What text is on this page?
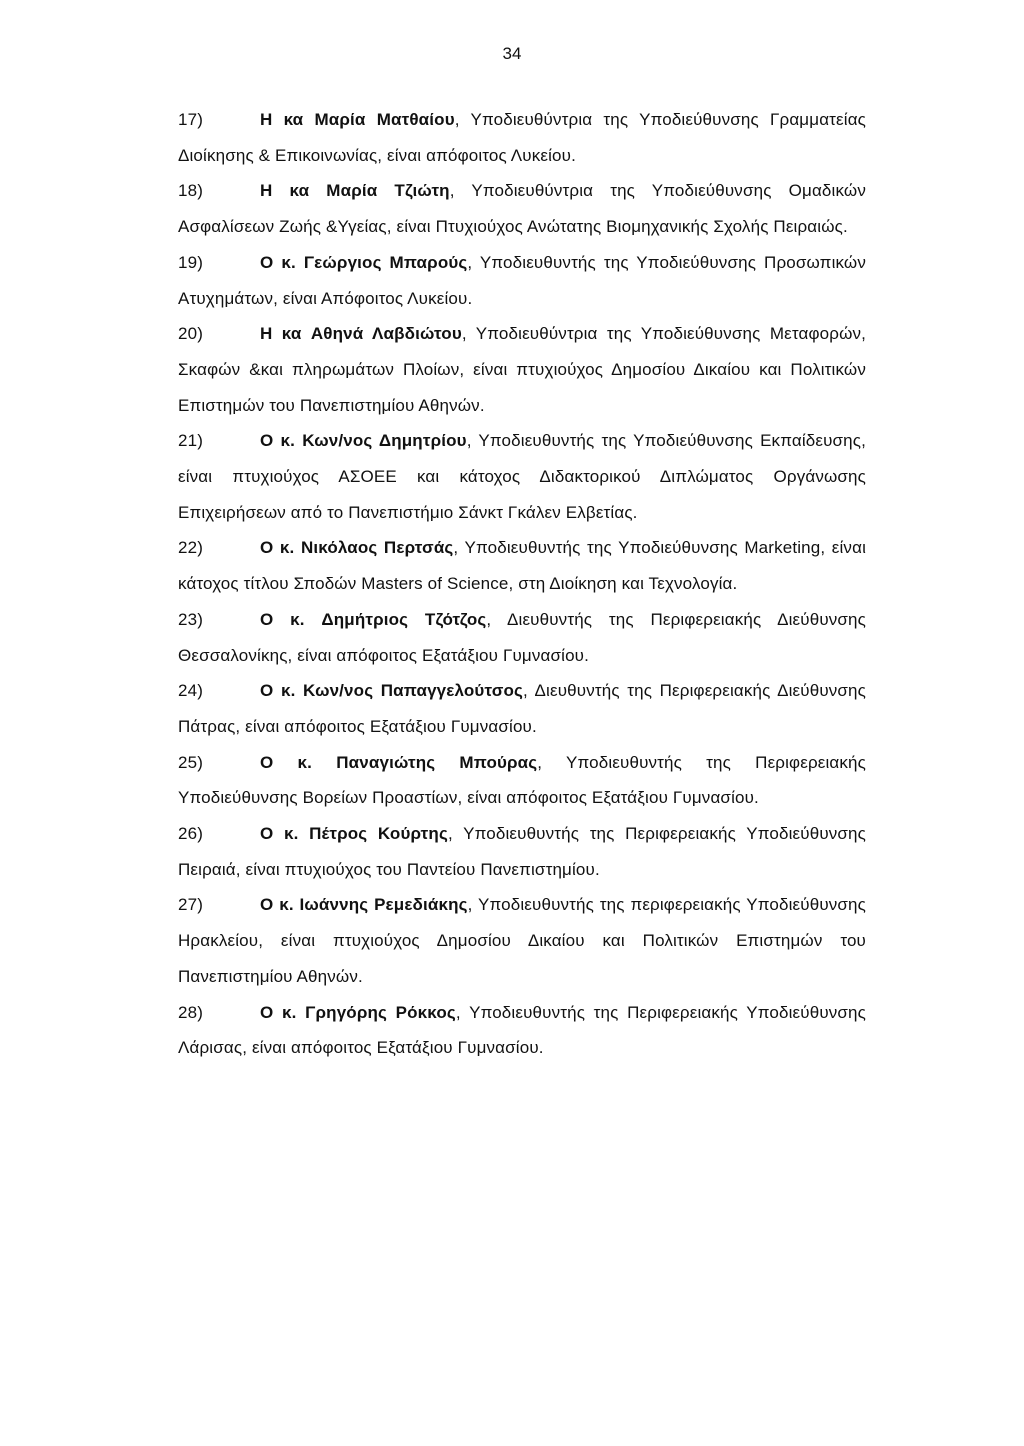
34

17)	Η κα Μαρία Ματθαίου, Υποδιευθύντρια της Υποδιεύθυνσης Γραμματείας Διοίκησης & Επικοινωνίας, είναι απόφοιτος Λυκείου.

18)	Η κα Μαρία Τζιώτη, Υποδιευθύντρια της Υποδιεύθυνσης Ομαδικών Ασφαλίσεων Ζωής &Υγείας, είναι Πτυχιούχος Ανώτατης Βιομηχανικής Σχολής Πειραιώς.

19)	Ο κ. Γεώργιος Μπαρούς, Υποδιευθυντής της Υποδιεύθυνσης Προσωπικών Ατυχημάτων, είναι Απόφοιτος Λυκείου.

20)	Η κα Αθηνά Λαβδιώτου, Υποδιευθύντρια της Υποδιεύθυνσης Μεταφορών, Σκαφών &και πληρωμάτων Πλοίων, είναι πτυχιούχος Δημοσίου Δικαίου και Πολιτικών Επιστημών του Πανεπιστημίου Αθηνών.

21)	Ο κ. Κων/νος Δημητρίου, Υποδιευθυντής της Υποδιεύθυνσης Εκπαίδευσης, είναι πτυχιούχος ΑΣΟΕΕ και κάτοχος Διδακτορικού Διπλώματος Οργάνωσης Επιχειρήσεων από το Πανεπιστήμιο Σάνκτ Γκάλεν Ελβετίας.

22)	Ο κ. Νικόλαος Περτσάς, Υποδιευθυντής της Υποδιεύθυνσης Marketing, είναι κάτοχος τίτλου Σποδών Masters of Science, στη Διοίκηση και Τεχνολογία.

23)	Ο κ. Δημήτριος Τζότζος, Διευθυντής της Περιφερειακής Διεύθυνσης Θεσσαλονίκης, είναι απόφοιτος Εξατάξιου Γυμνασίου.

24)	Ο κ. Κων/νος Παπαγγελούτσος, Διευθυντής της Περιφερειακής Διεύθυνσης Πάτρας, είναι απόφοιτος Εξατάξιου Γυμνασίου.

25)	Ο κ. Παναγιώτης Μπούρας, Υποδιευθυντής της Περιφερειακής Υποδιεύθυνσης Βορείων Προαστίων, είναι απόφοιτος Εξατάξιου Γυμνασίου.

26)	Ο κ. Πέτρος Κούρτης, Υποδιευθυντής της Περιφερειακής Υποδιεύθυνσης Πειραιά, είναι πτυχιούχος του Παντείου Πανεπιστημίου.

27)	Ο κ. Ιωάννης Ρεμεδιάκης, Υποδιευθυντής της περιφερειακής Υποδιεύθυνσης Ηρακλείου, είναι πτυχιούχος Δημοσίου Δικαίου και Πολιτικών Επιστημών του Πανεπιστημίου Αθηνών.

28)	Ο κ. Γρηγόρης Ρόκκος, Υποδιευθυντής της Περιφερειακής Υποδιεύθυνσης Λάρισας, είναι απόφοιτος Εξατάξιου Γυμνασίου.
